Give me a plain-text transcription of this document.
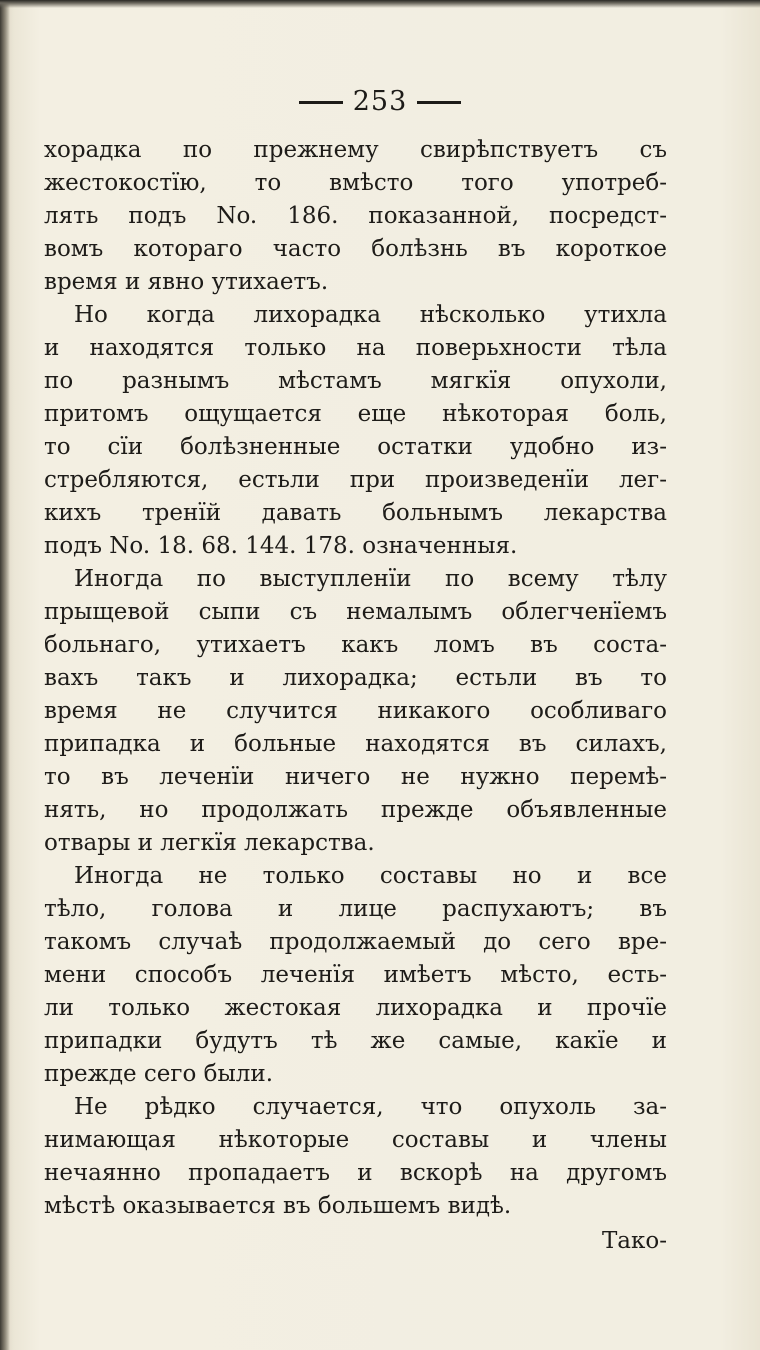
253
хорадка по прежнему свирѣпствуетъ съ
жестокостїю, то вмѣсто того употреб-
лять подъ No. 186. показанной, посредст-
вомъ котораго часто болѣзнь въ короткое
время и явно утихаетъ.
Но когда лихорадка нѣсколько утихла
и находятся только на поверьхности тѣла
по разнымъ мѣстамъ мягкїя опухоли,
притомъ ощущается еще нѣкоторая боль,
то сїи болѣзненные остатки удобно из-
стребляются, естьли при произведенїи лег-
кихъ тренїй давать больнымъ лекарства
подъ No. 18. 68. 144. 178. означенныя.
Иногда по выступленїи по всему тѣлу
прыщевой сыпи съ немалымъ облегченїемъ
больнаго, утихаетъ какъ ломъ въ соста-
вахъ такъ и лихорадка; естьли въ то
время не случится никакого особливаго
припадка и больные находятся въ силахъ,
то въ леченїи ничего не нужно перемѣ-
нять, но продолжать прежде объявленные
отвары и легкїя лекарства.
Иногда не только составы но и все
тѣло, голова и лице распухаютъ; въ
такомъ случаѣ продолжаемый до сего вре-
мени способъ леченїя имѣетъ мѣсто, есть-
ли только жестокая лихорадка и прочїе
припадки будутъ тѣ же самые, какїе и
прежде сего были.
Не рѣдко случается, что опухоль за-
нимающая нѣкоторые составы и члены
нечаянно пропадаетъ и вскорѣ на другомъ
мѣстѣ оказывается въ большемъ видѣ.
Тако-
